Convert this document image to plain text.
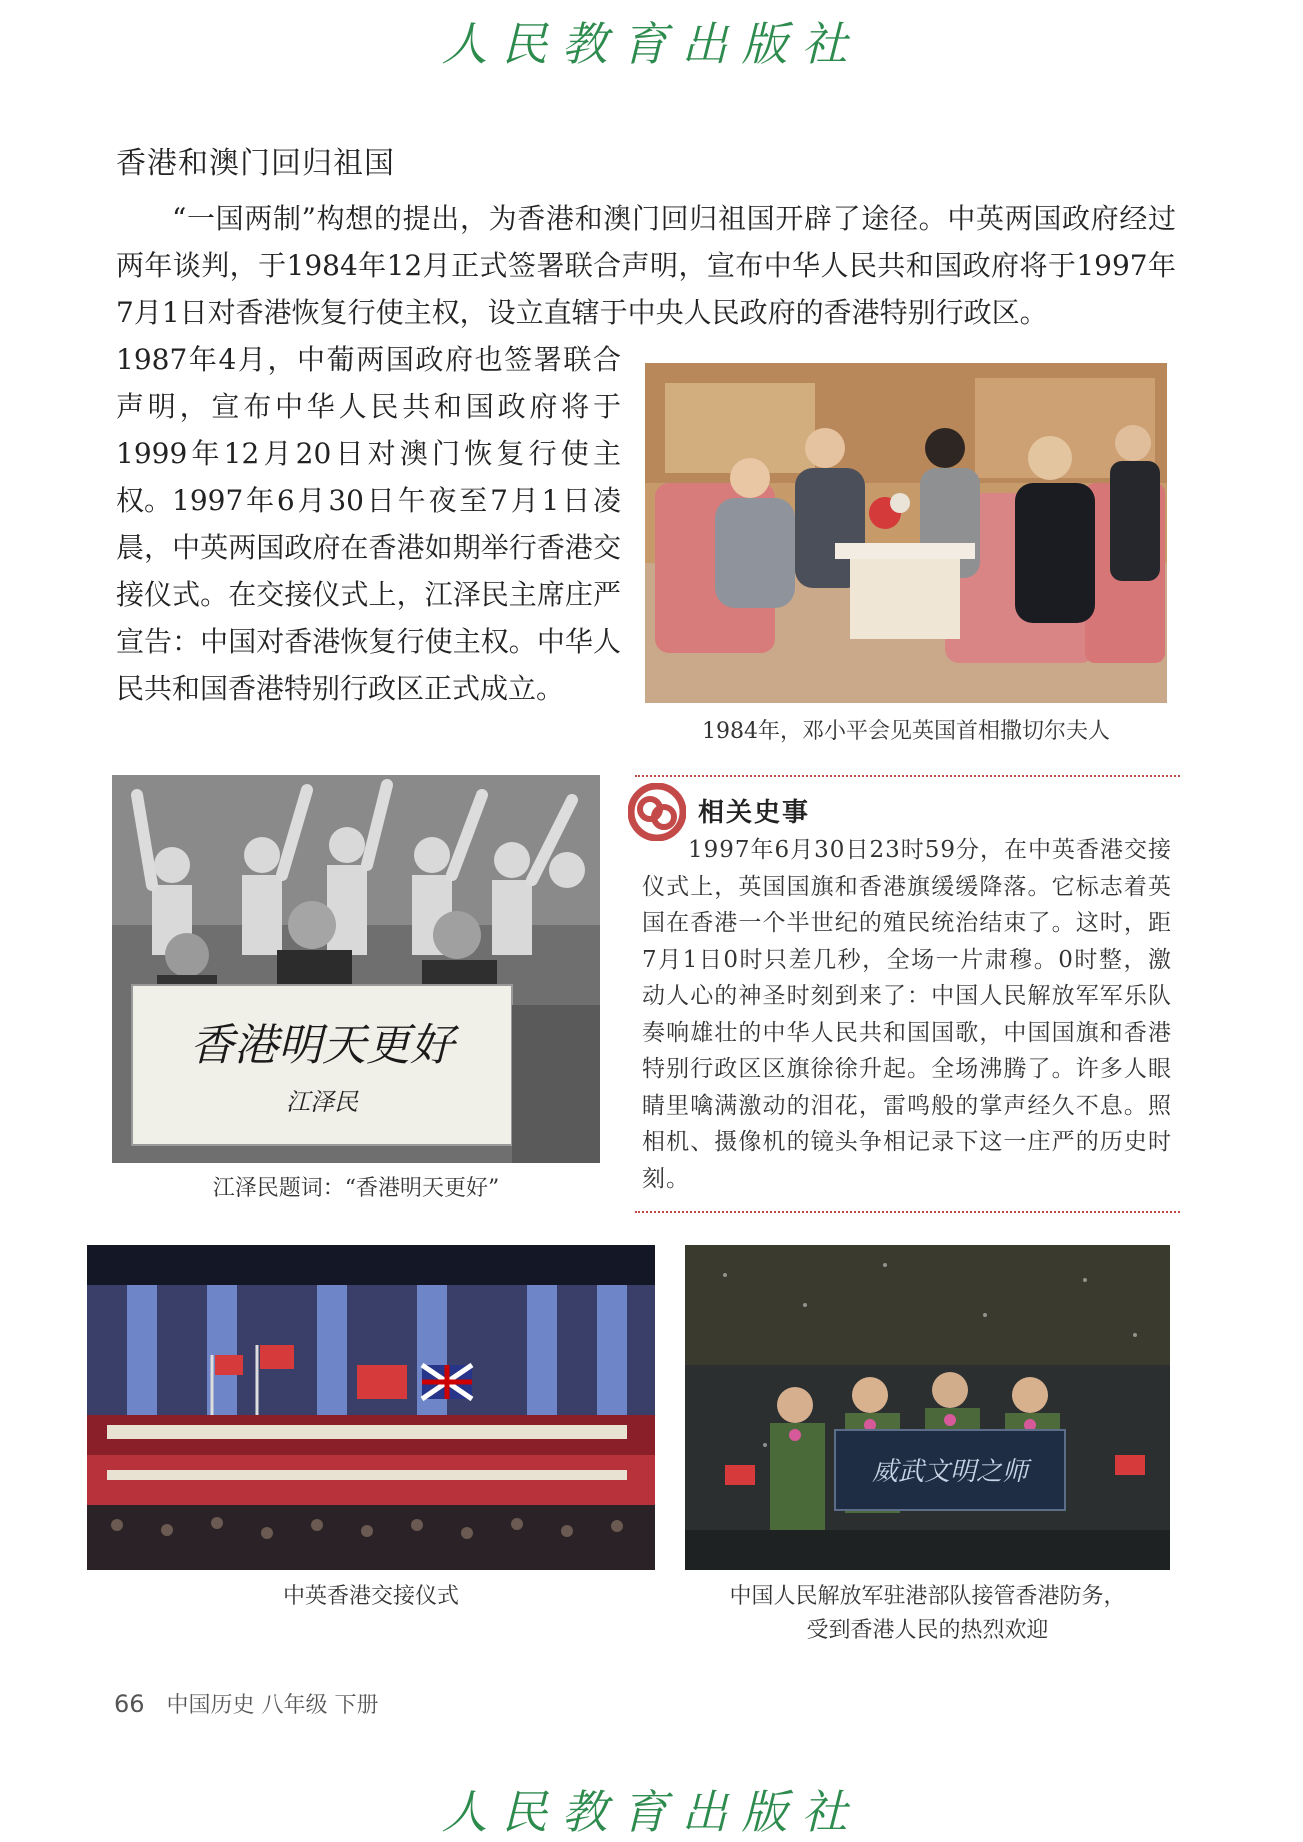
人民教育出版社
香港和澳门回归祖国

“一国两制”构想的提出，为香港和澳门回归祖国开辟了途径。中英两国政府经过两年谈判，于1984年12月正式签署联合声明，宣布中华人民共和国政府将于1997年7月1日对香港恢复行使主权，设立直辖于中央人民政府的香港特别行政区。

1987年4月，中葡两国政府也签署联合声明，宣布中华人民共和国政府将于1999年12月20日对澳门恢复行使主权。 1997年6月30日午夜至7月1日凌晨，中英两国政府在香港如期举行香港交接仪式。在交接仪式上，江泽民主席庄严宣告：中国对香港恢复行使主权。中华人民共和国香港特别行政区正式成立。

1984年，邓小平会见英国首相撒切尔夫人
香港明天更好
江泽民
江泽民题词：“香港明天更好”
相关史事

1997年6月30日23时59分，在中英香港交接仪式上，英国国旗和香港旗缓缓降落。它标志着英国在香港一个半世纪的殖民统治结束了。这时，距7月1日0时只差几秒，全场一片肃穆。0时整，激动人心的神圣时刻到来了：中国人民解放军军乐队奏响雄壮的中华人民共和国国歌，中国国旗和香港特别行政区区旗徐徐升起。全场沸腾了。许多人眼睛里噙满激动的泪花，雷鸣般的掌声经久不息。照相机、摄像机的镜头争相记录下这一庄严的历史时刻。

中英香港交接仪式
威武文明之师
中国人民解放军驻港部队接管香港防务，
受到香港人民的热烈欢迎
66 中国历史 八年级 下册
人民教育出版社
